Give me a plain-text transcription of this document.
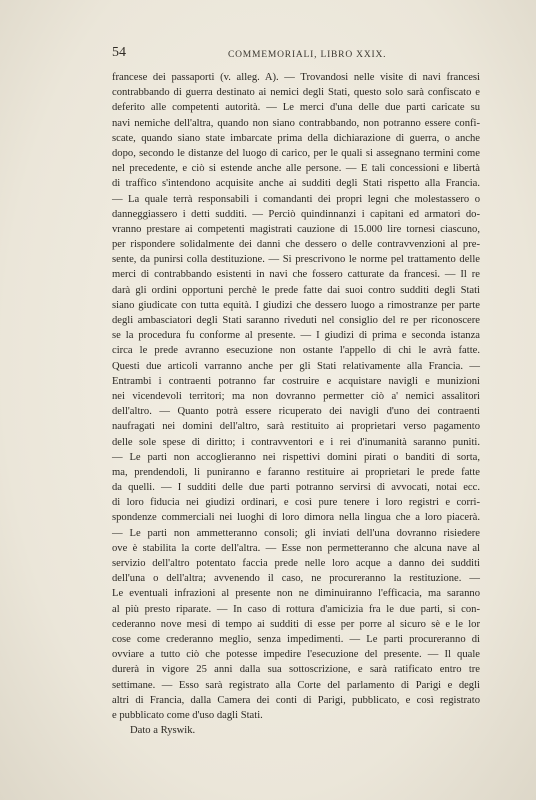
54	COMMEMORIALI, LIBRO XXIX.
francese dei passaporti (v. alleg. A). — Trovandosi nelle visite di navi francesi
contrabbando di guerra destinato ai nemici degli Stati, questo solo sarà confiscato e
deferito alle competenti autorità. — Le merci d'una delle due parti caricate su
navi nemiche dell'altra, quando non siano contrabbando, non potranno essere confi-
scate, quando siano state imbarcate prima della dichiarazione di guerra, o anche
dopo, secondo le distanze del luogo di carico, per le quali si assegnano termini come
nel precedente, e ciò si estende anche alle persone. — E tali concessioni e libertà
di traffico s'intendono acquisite anche ai sudditi degli Stati rispetto alla Francia.
— La quale terrà responsabili i comandanti dei propri legni che molestassero o
danneggiassero i detti sudditi. — Perciò quindinnanzi i capitani ed armatori do-
vranno prestare ai competenti magistrati cauzione di 15.000 lire tornesi ciascuno,
per rispondere solidalmente dei danni che dessero o delle contravvenzioni al pre-
sente, da punirsi colla destituzione. — Si prescrivono le norme pel trattamento delle
merci di contrabbando esistenti in navi che fossero catturate da francesi. — Il re
darà gli ordini opportuni perchè le prede fatte dai suoi contro sudditi degli Stati
siano giudicate con tutta equità. I giudizi che dessero luogo a rimostranze per parte
degli ambasciatori degli Stati saranno riveduti nel consiglio del re per riconoscere
se la procedura fu conforme al presente. — I giudizi di prima e seconda istanza
circa le prede avranno esecuzione non ostante l'appello di chi le avrà fatte.
Questi due articoli varranno anche per gli Stati relativamente alla Francia. —
Entrambi i contraenti potranno far costruire e acquistare navigli e munizioni
nei vicendevoli territori; ma non dovranno permetter ciò a' nemici assalitori
dell'altro. — Quanto potrà essere ricuperato dei navigli d'uno dei contraenti
naufragati nei domini dell'altro, sarà restituito ai proprietari verso pagamento
delle sole spese di diritto; i contravventori e i rei d'inumanità saranno puniti.
— Le parti non accoglieranno nei rispettivi domini pirati o banditi di sorta,
ma, prendendoli, li puniranno e faranno restituire ai proprietari le prede fatte
da quelli. — I sudditi delle due parti potranno servirsi di avvocati, notai ecc.
di loro fiducia nei giudizi ordinari, e così pure tenere i loro registri e corri-
spondenze commerciali nei luoghi di loro dimora nella lingua che a loro piacerà.
— Le parti non ammetteranno consoli; gli inviati dell'una dovranno risiedere
ove è stabilita la corte dell'altra. — Esse non permetteranno che alcuna nave al
servizio dell'altro potentato faccia prede nelle loro acque a danno dei sudditi
dell'una o dell'altra; avvenendo il caso, ne procureranno la restituzione. —
Le eventuali infrazioni al presente non ne diminuiranno l'efficacia, ma saranno
al più presto riparate. — In caso di rottura d'amicizia fra le due parti, si con-
cederanno nove mesi di tempo ai sudditi di esse per porre al sicuro sè e le lor
cose come crederanno meglio, senza impedimenti. — Le parti procureranno di
ovviare a tutto ciò che potesse impedire l'esecuzione del presente. — Il quale
durerà in vigore 25 anni dalla sua sottoscrizione, e sarà ratificato entro tre
settimane. — Esso sarà registrato alla Corte del parlamento di Parigi e degli
altri di Francia, dalla Camera dei conti di Parigi, pubblicato, e così registrato
e pubblicato come d'uso dagli Stati.
Dato a Ryswik.
